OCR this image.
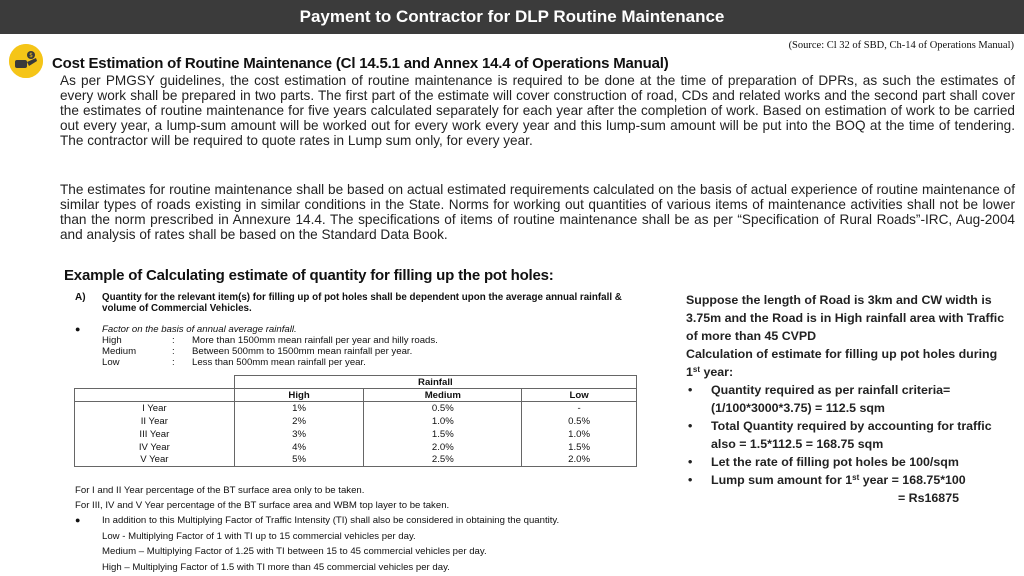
Payment to Contractor for DLP Routine Maintenance
(Source: Cl 32 of SBD, Ch-14 of Operations Manual)
$ Cost Estimation of Routine Maintenance (Cl 14.5.1 and Annex 14.4 of Operations Manual)
As per PMGSY guidelines, the cost estimation of routine maintenance is required to be done at the time of preparation of DPRs, as such the estimates of every work shall be prepared in two parts. The first part of the estimate will cover construction of road, CDs and related works and the second part shall cover the estimates of routine maintenance for five years calculated separately for each year after the completion of work. Based on estimation of work to be carried out every year, a lump-sum amount will be worked out for every work every year and this lump-sum amount will be put into the BOQ at the time of tendering. The contractor will be required to quote rates in Lump sum only, for every year.
The estimates for routine maintenance shall be based on actual estimated requirements calculated on the basis of actual experience of routine maintenance of similar types of roads existing in similar conditions in the State. Norms for working out quantities of various items of maintenance activities shall not be lower than the norm prescribed in Annexure 14.4. The specifications of items of routine maintenance shall be as per “Specification of Rural Roads”-IRC, Aug-2004 and analysis of rates shall be based on the Standard Data Book.
Example of Calculating estimate of quantity for filling up the pot holes:
A) Quantity for the relevant item(s) for filling up of pot holes shall be dependent upon the average annual rainfall & volume of Commercial Vehicles.
● Factor on the basis of annual average rainfall.
High	: More than 1500mm mean rainfall per year and hilly roads.
Medium	: Between 500mm to 1500mm mean rainfall per year.
Low	: Less than 500mm mean rainfall per year.
	Rainfall		
	High	Medium	Low
I Year	1%	0.5%	-
II Year	2%	1.0%	0.5%
III Year	3%	1.5%	1.0%
IV Year	4%	2.0%	1.5%
V Year	5%	2.5%	2.0%
For I and II Year percentage of the BT surface area only to be taken.
For III, IV and V Year percentage of the BT surface area and WBM top layer to be taken.
● In addition to this Multiplying Factor of Traffic Intensity (TI) shall also be considered in obtaining the quantity.
Low - Multiplying Factor of 1 with TI up to 15 commercial vehicles per day.
Medium – Multiplying Factor of 1.25 with TI between 15 to 45 commercial vehicles per day.
High – Multiplying Factor of 1.5 with TI more than 45 commercial vehicles per day.

Suppose the length of Road is 3km and CW width is 3.75m and the Road is in High rainfall area with Traffic of more than 45 CVPD

Calculation of estimate for filling up pot holes during 1st year:

• Quantity required as per rainfall criteria= (1/100*3000*3.75) = 112.5 sqm
• Total Quantity required by accounting for traffic also = 1.5*112.5 = 168.75 sqm
• Let the rate of filling pot holes be 100/sqm
• Lump sum amount for 1st year = 168.75*100
= Rs16875
